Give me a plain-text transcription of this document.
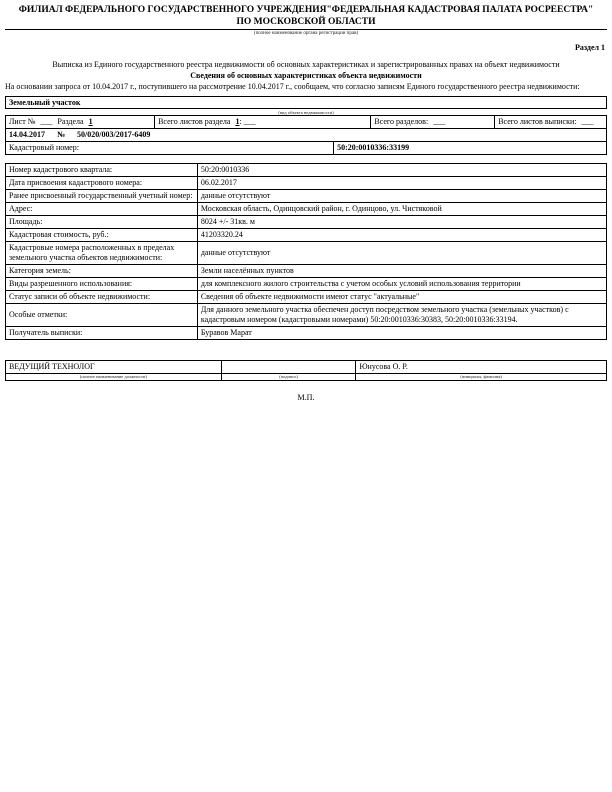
ФИЛИАЛ ФЕДЕРАЛЬНОГО ГОСУДАРСТВЕННОГО УЧРЕЖДЕНИЯ"ФЕДЕРАЛЬНАЯ КАДАСТРОВАЯ ПАЛАТА РОСРЕЕСТРА" ПО МОСКОВСКОЙ ОБЛАСТИ
(полное наименование органа регистрации прав)
Раздел 1
Выписка из Единого государственного реестра недвижимости об основных характеристиках и зарегистрированных правах на объект недвижимости
Сведения об основных характеристиках объекта недвижимости
На основании запроса от 10.04.2017 г., поступившего на рассмотрение 10.04.2017 г., сообщаем, что согласно записям Единого государственного реестра недвижимости:
Земельный участок
(вид объекта недвижимости)
Лист № ___ Раздела 1	Всего листов раздела 1: ___	Всего разделов: ___	Всего листов выписки: ___
14.04.2017 № 50/020/003/2017-6409
Кадастровый номер:	50:20:0010336:33199
Номер кадастрового квартала:	50:20:0010336
Дата присвоения кадастрового номера:	06.02.2017
Ранее присвоенный государственный учетный номер:	данные отсутствуют
Адрес:	Московская область, Одинцовский район, г. Одинцово, ул. Чистяковой
Площадь:	8024 +/- 31кв. м
Кадастровая стоимость, руб.:	41203320.24
Кадастровые номера расположенных в пределах земельного участка объектов недвижимости:	данные отсутствуют
Категория земель:	Земли населённых пунктов
Виды разрешенного использования:	для комплексного жилого строительства с учетом особых условий использования территории
Статус записи об объекте недвижимости:	Сведения об объекте недвижимости имеют статус "актуальные"
Особые отметки:	Для данного земельного участка обеспечен доступ посредством земельного участка (земельных участков) с кадастровым номером (кадастровыми номерами) 50:20:0010336:30383, 50:20:0010336:33194.
Получатель выписки:	Буравов Марат
ВЕДУЩИЙ ТЕХНОЛОГ		Юнусова О. Р.
(полное наименование должности)	(подпись)	(инициалы, фамилия)
М.П.
